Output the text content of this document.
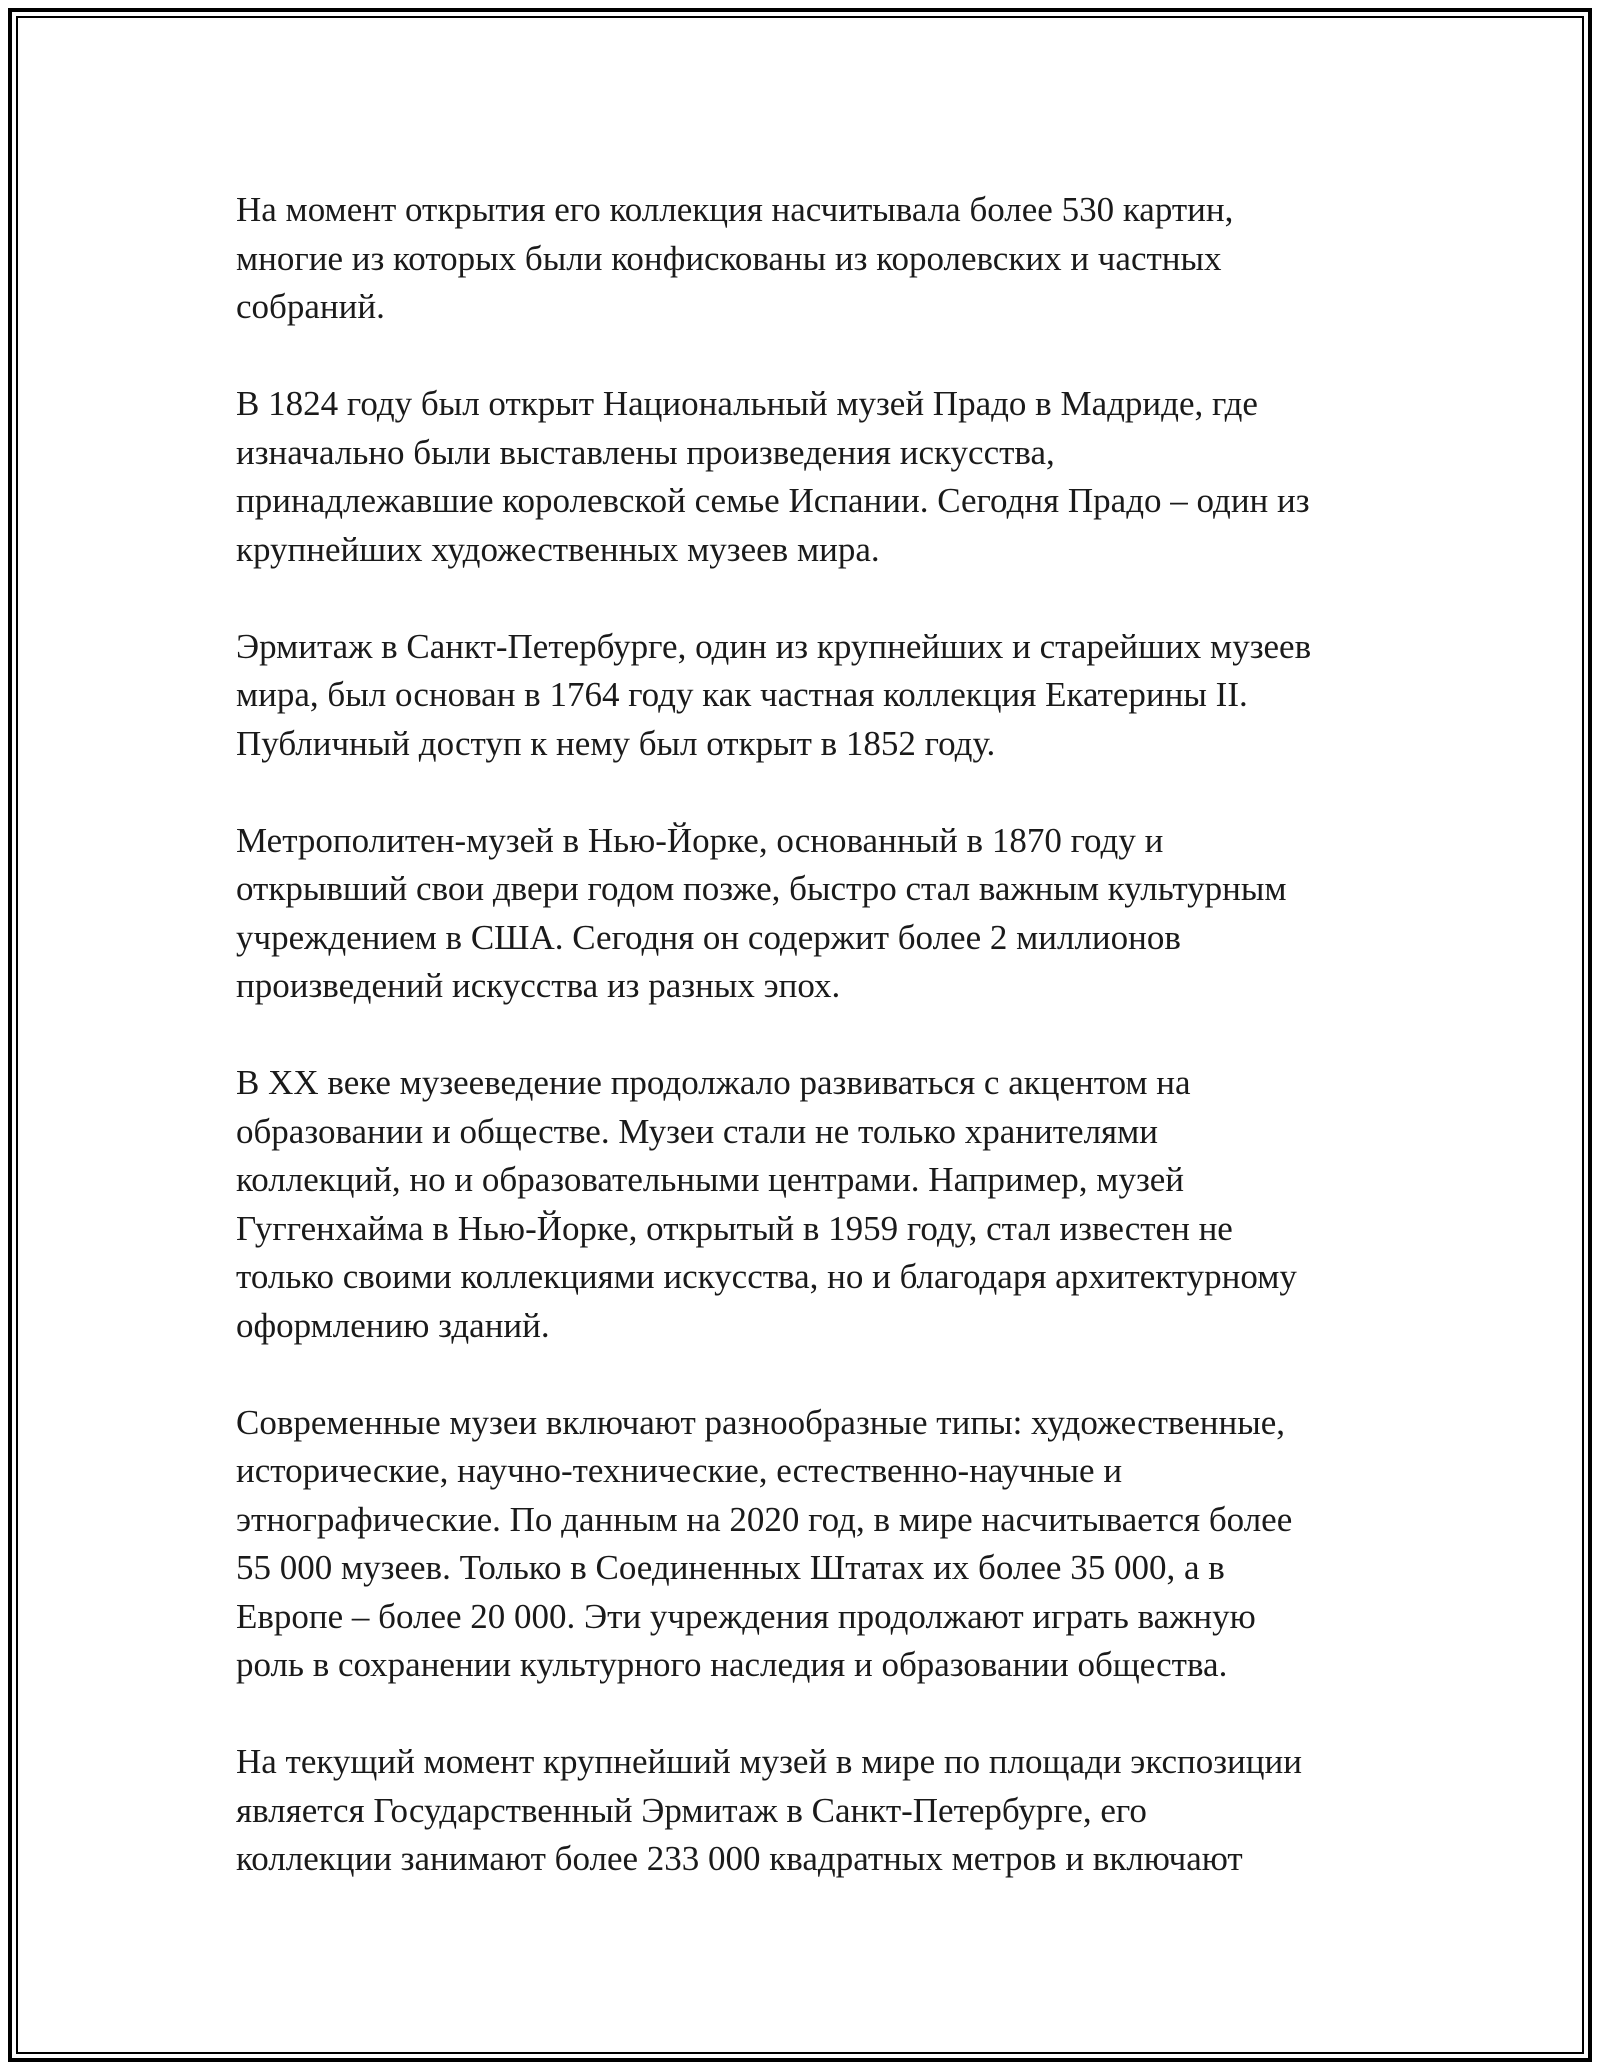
На момент открытия его коллекция насчитывала более 530 картин,
многие из которых были конфискованы из королевских и частных
собраний.

В 1824 году был открыт Национальный музей Прадо в Мадриде, где
изначально были выставлены произведения искусства,
принадлежавшие королевской семье Испании. Сегодня Прадо – один из
крупнейших художественных музеев мира.

Эрмитаж в Санкт-Петербурге, один из крупнейших и старейших музеев
мира, был основан в 1764 году как частная коллекция Екатерины II.
Публичный доступ к нему был открыт в 1852 году.

Метрополитен-музей в Нью-Йорке, основанный в 1870 году и
открывший свои двери годом позже, быстро стал важным культурным
учреждением в США. Сегодня он содержит более 2 миллионов
произведений искусства из разных эпох.

В XX веке музееведение продолжало развиваться с акцентом на
образовании и обществе. Музеи стали не только хранителями
коллекций, но и образовательными центрами. Например, музей
Гуггенхайма в Нью-Йорке, открытый в 1959 году, стал известен не
только своими коллекциями искусства, но и благодаря архитектурному
оформлению зданий.

Современные музеи включают разнообразные типы: художественные,
исторические, научно-технические, естественно-научные и
этнографические. По данным на 2020 год, в мире насчитывается более
55 000 музеев. Только в Соединенных Штатах их более 35 000, а в
Европе – более 20 000. Эти учреждения продолжают играть важную
роль в сохранении культурного наследия и образовании общества.

На текущий момент крупнейший музей в мире по площади экспозиции
является Государственный Эрмитаж в Санкт-Петербурге, его
коллекции занимают более 233 000 квадратных метров и включают
